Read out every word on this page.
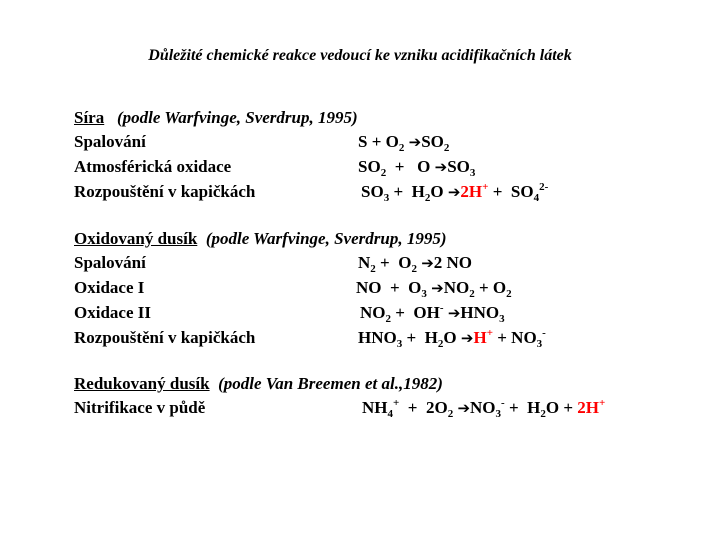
Důležité chemické reakce vedoucí ke vzniku acidifikačních látek
Síra (podle Warfvinge, Sverdrup, 1995)
Spalování	$S + O_2$ $➔SO_2$
Atmosférická oxidace	$SO_2 + O$ $➔SO_3$
Rozpouštění v kapičkách	$SO_3 + H_2O$ ➔2H+ +  $SO_4^{2-}$
Oxidovaný dusík (podle Warfvinge, Sverdrup, 1995)
Spalování	$N_2 + O_2$ ➔2 NO
Oxidace I	NO  +  $O_3$ $➔NO_2 + O_2$
Oxidace II	$NO_2 + OH^-$ $➔HNO_3$
Rozpouštění v kapičkách	$HNO_3 + H_2O$ ➔H+ + $NO_3^-$
Redukovaný dusík (podle Van Breemen et al.,1982)
Nitrifikace v půdě	$NH_4^+ + 2O_2$ $➔NO_3^- + H_2O + 2H^+$
